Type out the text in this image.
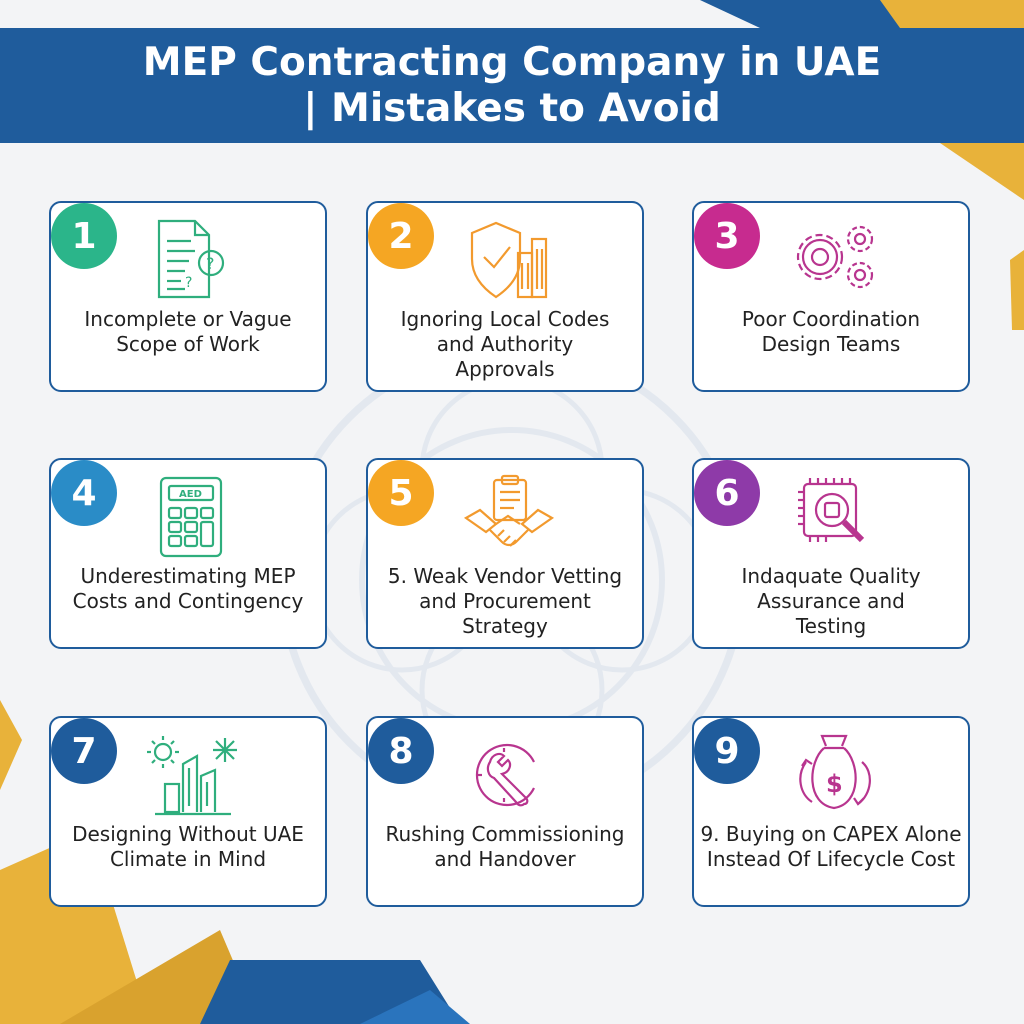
MEP Contracting Company in UAE
| Mistakes to Avoid
1
?
?
Incomplete or Vague Scope of Work
2
Ignoring Local Codes and Authority Approvals
3
Poor Coordination Design Teams
4	AED
Underestimating MEP Costs and Contingency
5
5. Weak Vendor Vetting and Procurement Strategy
6
Indaquate Quality Assurance and Testing
7
Designing Without UAE Climate in Mind
8
Rushing Commissioning and Handover
9
$
9. Buying on CAPEX Alone Instead Of Lifecycle Cost
